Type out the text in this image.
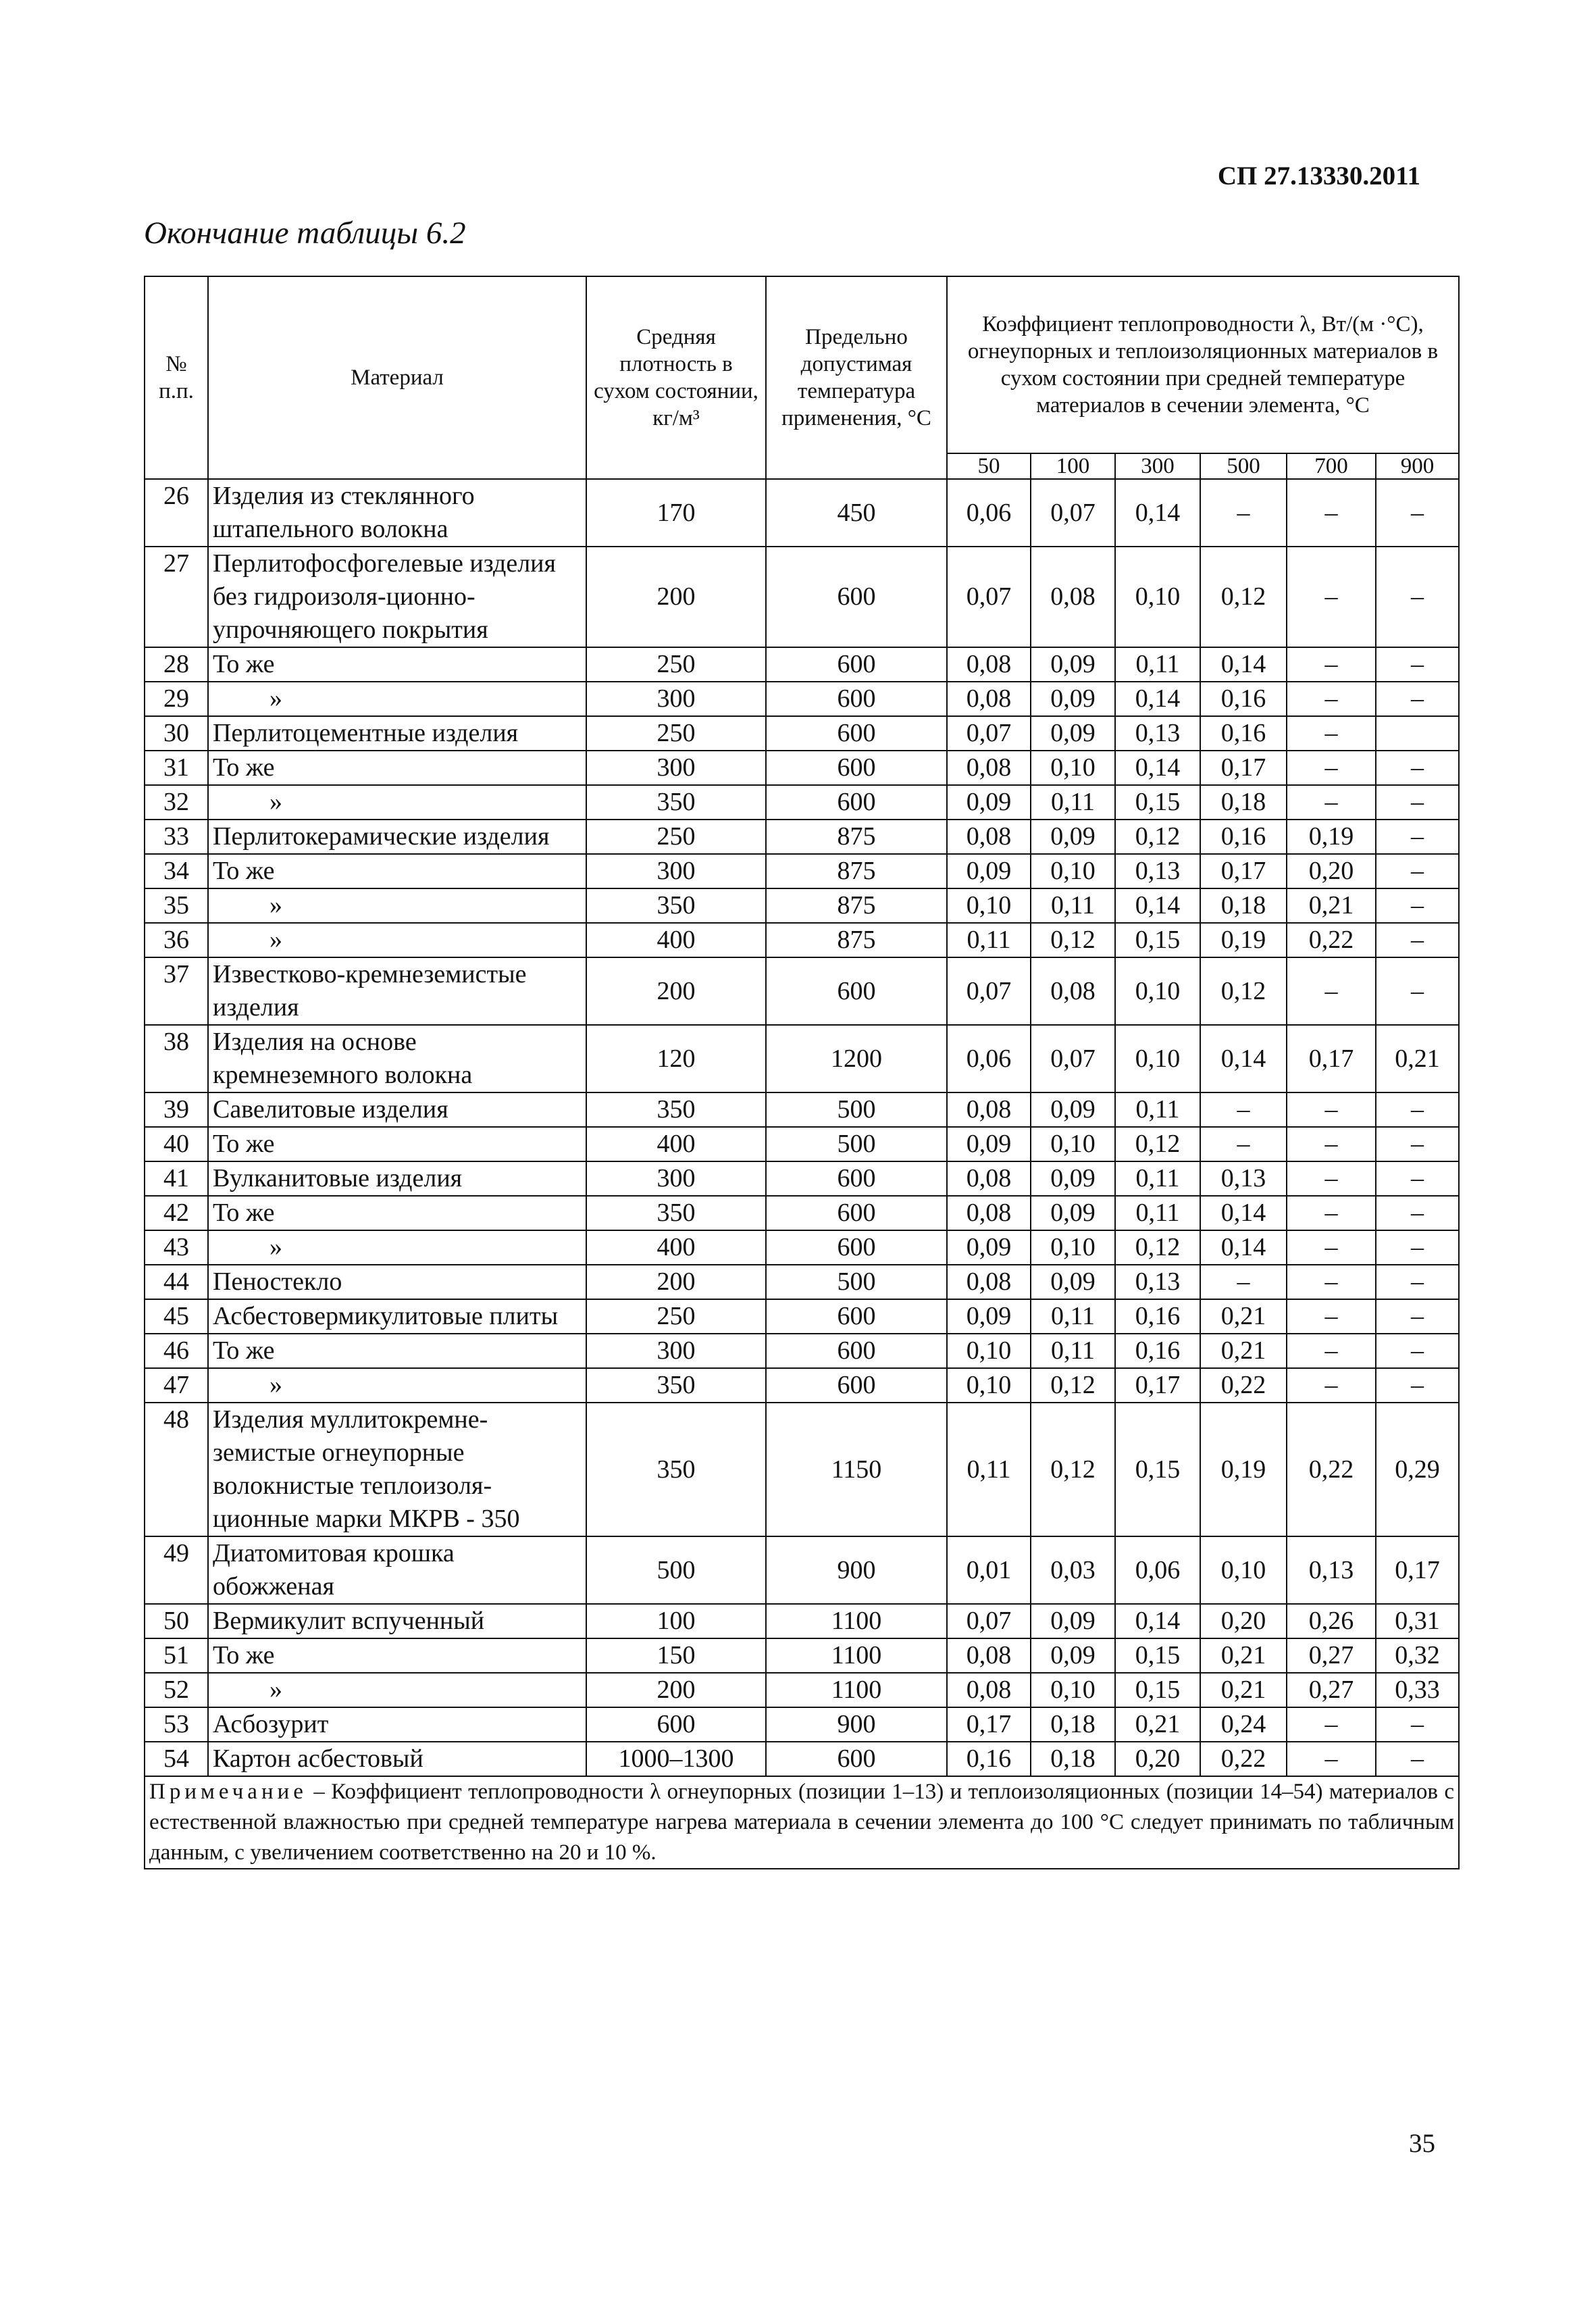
СП 27.13330.2011
Окончание таблицы 6.2
№ п.п.	Материал	Средняя плотность в сухом состоянии, кг/м³	Предельно допустимая температура применения, °С	Коэффициент теплопроводности λ, Вт/(м ·°С), огнеупорных и теплоизоляционных материалов в сухом состоянии при средней температуре материалов в сечении элемента, °С					
				50	100	300	500	700	900
26	Изделия из стеклянного штапельного волокна	170	450	0,06	0,07	0,14	–	–	–
27	Перлитофосфогелевые изделия без гидроизоля-ционно-упрочняющего покрытия	200	600	0,07	0,08	0,10	0,12	–	–
28	То же	250	600	0,08	0,09	0,11	0,14	–	–
29	»	300	600	0,08	0,09	0,14	0,16	–	–
30	Перлитоцементные изделия	250	600	0,07	0,09	0,13	0,16	–	
31	То же	300	600	0,08	0,10	0,14	0,17	–	–
32	»	350	600	0,09	0,11	0,15	0,18	–	–
33	Перлитокерамические изделия	250	875	0,08	0,09	0,12	0,16	0,19	–
34	То же	300	875	0,09	0,10	0,13	0,17	0,20	–
35	»	350	875	0,10	0,11	0,14	0,18	0,21	–
36	»	400	875	0,11	0,12	0,15	0,19	0,22	–
37	Известково-кремнеземистые изделия	200	600	0,07	0,08	0,10	0,12	–	–
38	Изделия на основе кремнеземного волокна	120	1200	0,06	0,07	0,10	0,14	0,17	0,21
39	Савелитовые изделия	350	500	0,08	0,09	0,11	–	–	–
40	То же	400	500	0,09	0,10	0,12	–	–	–
41	Вулканитовые изделия	300	600	0,08	0,09	0,11	0,13	–	–
42	То же	350	600	0,08	0,09	0,11	0,14	–	–
43	»	400	600	0,09	0,10	0,12	0,14	–	–
44	Пеностекло	200	500	0,08	0,09	0,13	–	–	–
45	Асбестовермикулитовые плиты	250	600	0,09	0,11	0,16	0,21	–	–
46	То же	300	600	0,10	0,11	0,16	0,21	–	–
47	»	350	600	0,10	0,12	0,17	0,22	–	–
48	Изделия муллитокремне-земистые огнеупорные волокнистые теплоизоля-ционные марки МКРВ - 350	350	1150	0,11	0,12	0,15	0,19	0,22	0,29
49	Диатомитовая крошка обожженая	500	900	0,01	0,03	0,06	0,10	0,13	0,17
50	Вермикулит вспученный	100	1100	0,07	0,09	0,14	0,20	0,26	0,31
51	То же	150	1100	0,08	0,09	0,15	0,21	0,27	0,32
52	»	200	1100	0,08	0,10	0,15	0,21	0,27	0,33
53	Асбозурит	600	900	0,17	0,18	0,21	0,24	–	–
54	Картон асбестовый	1000–1300	600	0,16	0,18	0,20	0,22	–	–
Примечание – Коэффициент теплопроводности λ огнеупорных (позиции 1–13) и теплоизоляционных (позиции 14–54) материалов с естественной влажностью при средней температуре нагрева материала в сечении элемента до 100 °С следует принимать по табличным данным, с увеличением соответственно на 20 и 10 %.									
35
